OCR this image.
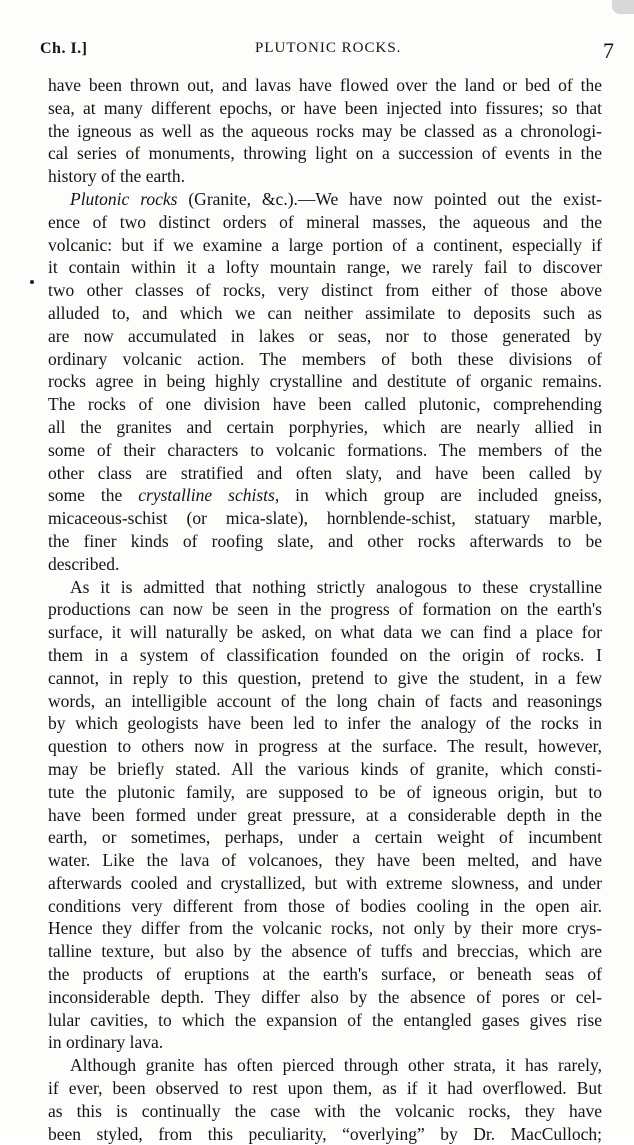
Ch. I.]	PLUTONIC ROCKS.	7
have been thrown out, and lavas have flowed over the land or bed of the
sea, at many different epochs, or have been injected into fissures; so that
the igneous as well as the aqueous rocks may be classed as a chronologi-
cal series of monuments, throwing light on a succession of events in the
history of the earth.
Plutonic rocks (Granite, &c.).—We have now pointed out the exist-
ence of two distinct orders of mineral masses, the aqueous and the
volcanic: but if we examine a large portion of a continent, especially if
it contain within it a lofty mountain range, we rarely fail to discover
two other classes of rocks, very distinct from either of those above
alluded to, and which we can neither assimilate to deposits such as
are now accumulated in lakes or seas, nor to those generated by
ordinary volcanic action. The members of both these divisions of
rocks agree in being highly crystalline and destitute of organic remains.
The rocks of one division have been called plutonic, comprehending
all the granites and certain porphyries, which are nearly allied in
some of their characters to volcanic formations. The members of the
other class are stratified and often slaty, and have been called by
some the crystalline schists, in which group are included gneiss,
micaceous-schist (or mica-slate), hornblende-schist, statuary marble,
the finer kinds of roofing slate, and other rocks afterwards to be
described.
As it is admitted that nothing strictly analogous to these crystalline
productions can now be seen in the progress of formation on the earth's
surface, it will naturally be asked, on what data we can find a place for
them in a system of classification founded on the origin of rocks. I
cannot, in reply to this question, pretend to give the student, in a few
words, an intelligible account of the long chain of facts and reasonings
by which geologists have been led to infer the analogy of the rocks in
question to others now in progress at the surface. The result, however,
may be briefly stated. All the various kinds of granite, which consti-
tute the plutonic family, are supposed to be of igneous origin, but to
have been formed under great pressure, at a considerable depth in the
earth, or sometimes, perhaps, under a certain weight of incumbent
water. Like the lava of volcanoes, they have been melted, and have
afterwards cooled and crystallized, but with extreme slowness, and under
conditions very different from those of bodies cooling in the open air.
Hence they differ from the volcanic rocks, not only by their more crys-
talline texture, but also by the absence of tuffs and breccias, which are
the products of eruptions at the earth's surface, or beneath seas of
inconsiderable depth. They differ also by the absence of pores or cel-
lular cavities, to which the expansion of the entangled gases gives rise
in ordinary lava.
Although granite has often pierced through other strata, it has rarely,
if ever, been observed to rest upon them, as if it had overflowed. But
as this is continually the case with the volcanic rocks, they have
been styled, from this peculiarity, “overlying” by Dr. MacCulloch;
